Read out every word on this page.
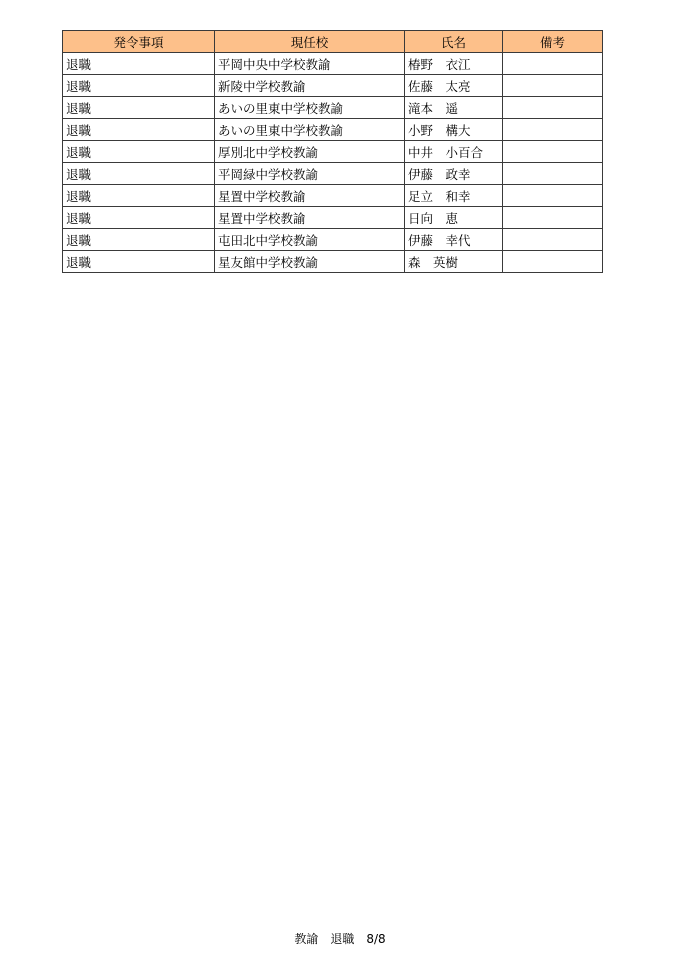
発令事項	現任校	氏名	備考
退職	平岡中央中学校教諭	椿野　衣江	
退職	新陵中学校教諭	佐藤　太亮	
退職	あいの里東中学校教諭	滝本　遥	
退職	あいの里東中学校教諭	小野　構大	
退職	厚別北中学校教諭	中井　小百合	
退職	平岡緑中学校教諭	伊藤　政幸	
退職	星置中学校教諭	足立　和幸	
退職	星置中学校教諭	日向　恵	
退職	屯田北中学校教諭	伊藤　幸代	
退職	星友館中学校教諭	森　英樹	
教諭　退職　8/8
